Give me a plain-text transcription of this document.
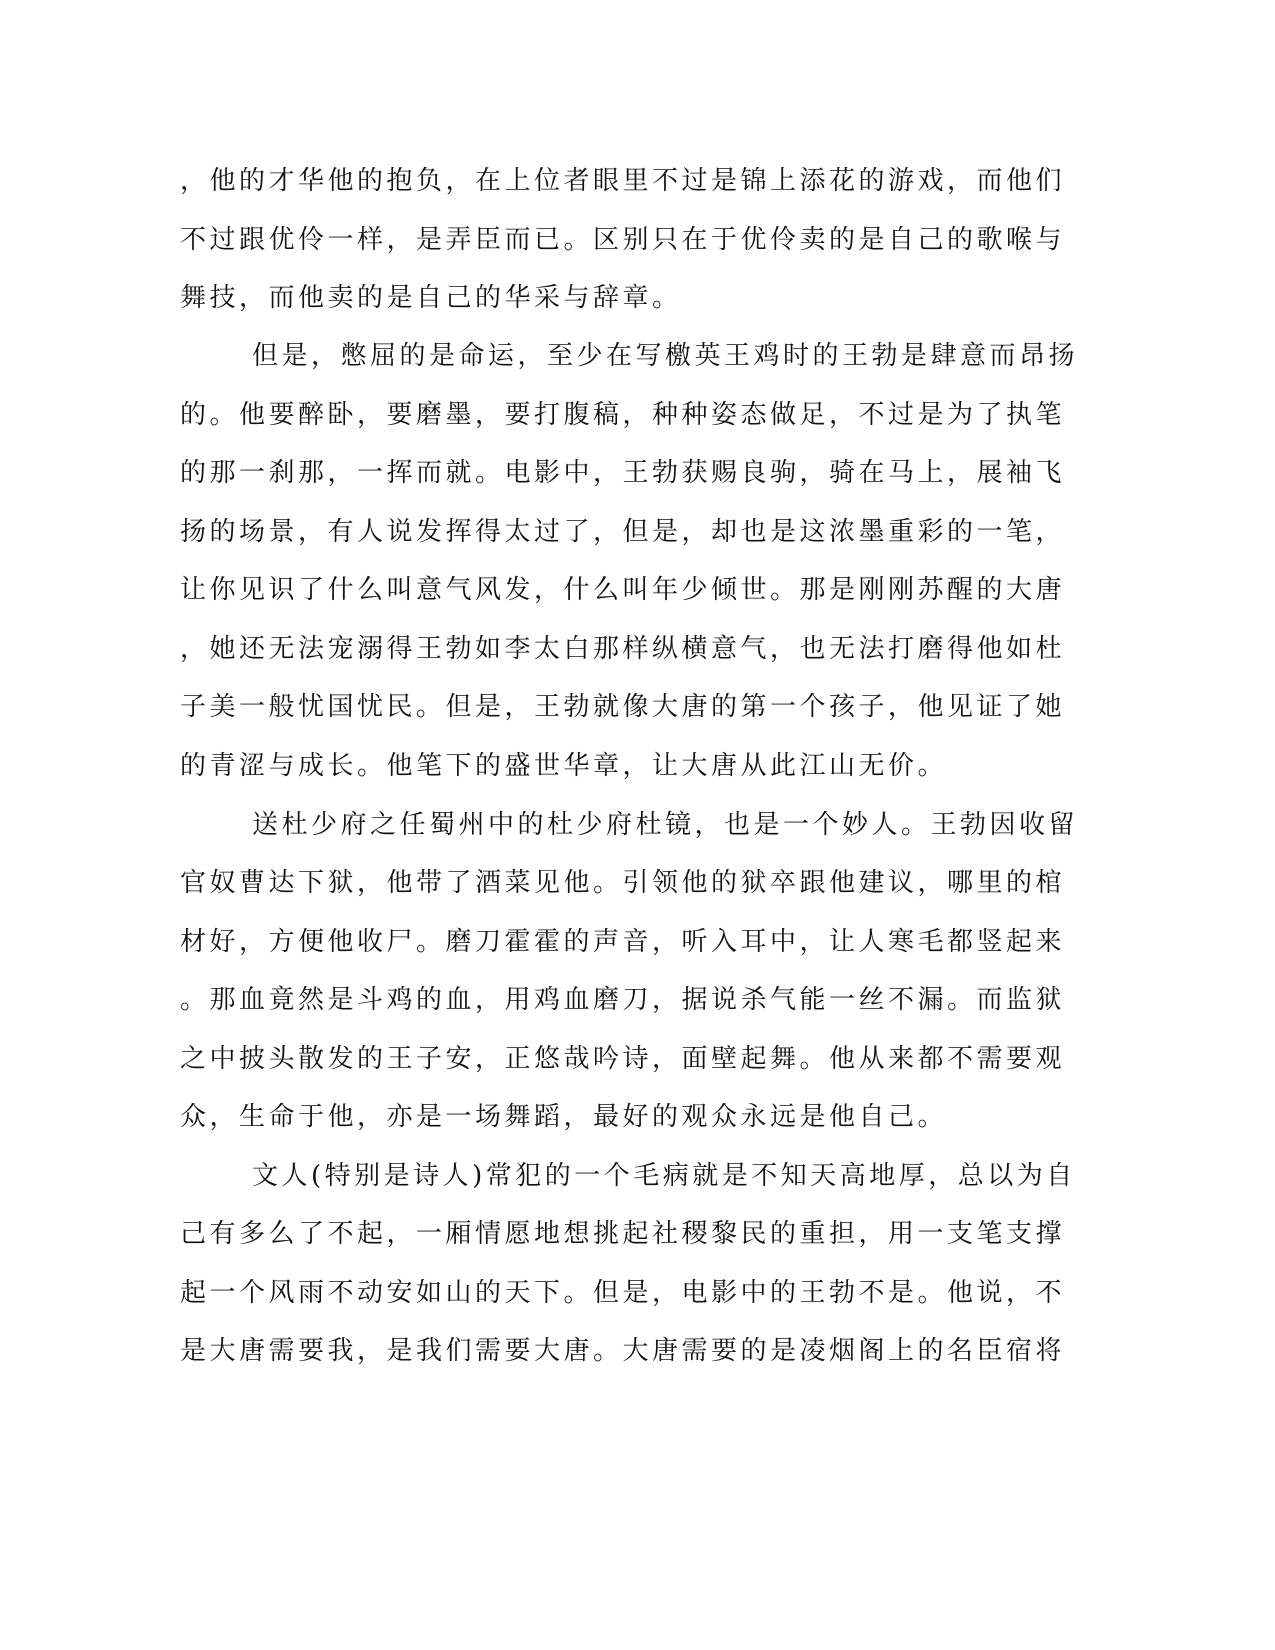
，他的才华他的抱负，在上位者眼里不过是锦上添花的游戏，而他们
不过跟优伶一样，是弄臣而已。区别只在于优伶卖的是自己的歌喉与
舞技，而他卖的是自己的华采与辞章。
但是，憋屈的是命运，至少在写檄英王鸡时的王勃是肆意而昂扬
的。他要醉卧，要磨墨，要打腹稿，种种姿态做足，不过是为了执笔
的那一刹那，一挥而就。电影中，王勃获赐良驹，骑在马上，展袖飞
扬的场景，有人说发挥得太过了，但是，却也是这浓墨重彩的一笔，
让你见识了什么叫意气风发，什么叫年少倾世。那是刚刚苏醒的大唐
，她还无法宠溺得王勃如李太白那样纵横意气，也无法打磨得他如杜
子美一般忧国忧民。但是，王勃就像大唐的第一个孩子，他见证了她
的青涩与成长。他笔下的盛世华章，让大唐从此江山无价。
送杜少府之任蜀州中的杜少府杜镜，也是一个妙人。王勃因收留
官奴曹达下狱，他带了酒菜见他。引领他的狱卒跟他建议，哪里的棺
材好，方便他收尸。磨刀霍霍的声音，听入耳中，让人寒毛都竖起来
。那血竟然是斗鸡的血，用鸡血磨刀，据说杀气能一丝不漏。而监狱
之中披头散发的王子安，正悠哉吟诗，面壁起舞。他从来都不需要观
众，生命于他，亦是一场舞蹈，最好的观众永远是他自己。
文人(特别是诗人)常犯的一个毛病就是不知天高地厚，总以为自
己有多么了不起，一厢情愿地想挑起社稷黎民的重担，用一支笔支撑
起一个风雨不动安如山的天下。但是，电影中的王勃不是。他说，不
是大唐需要我，是我们需要大唐。大唐需要的是凌烟阁上的名臣宿将
